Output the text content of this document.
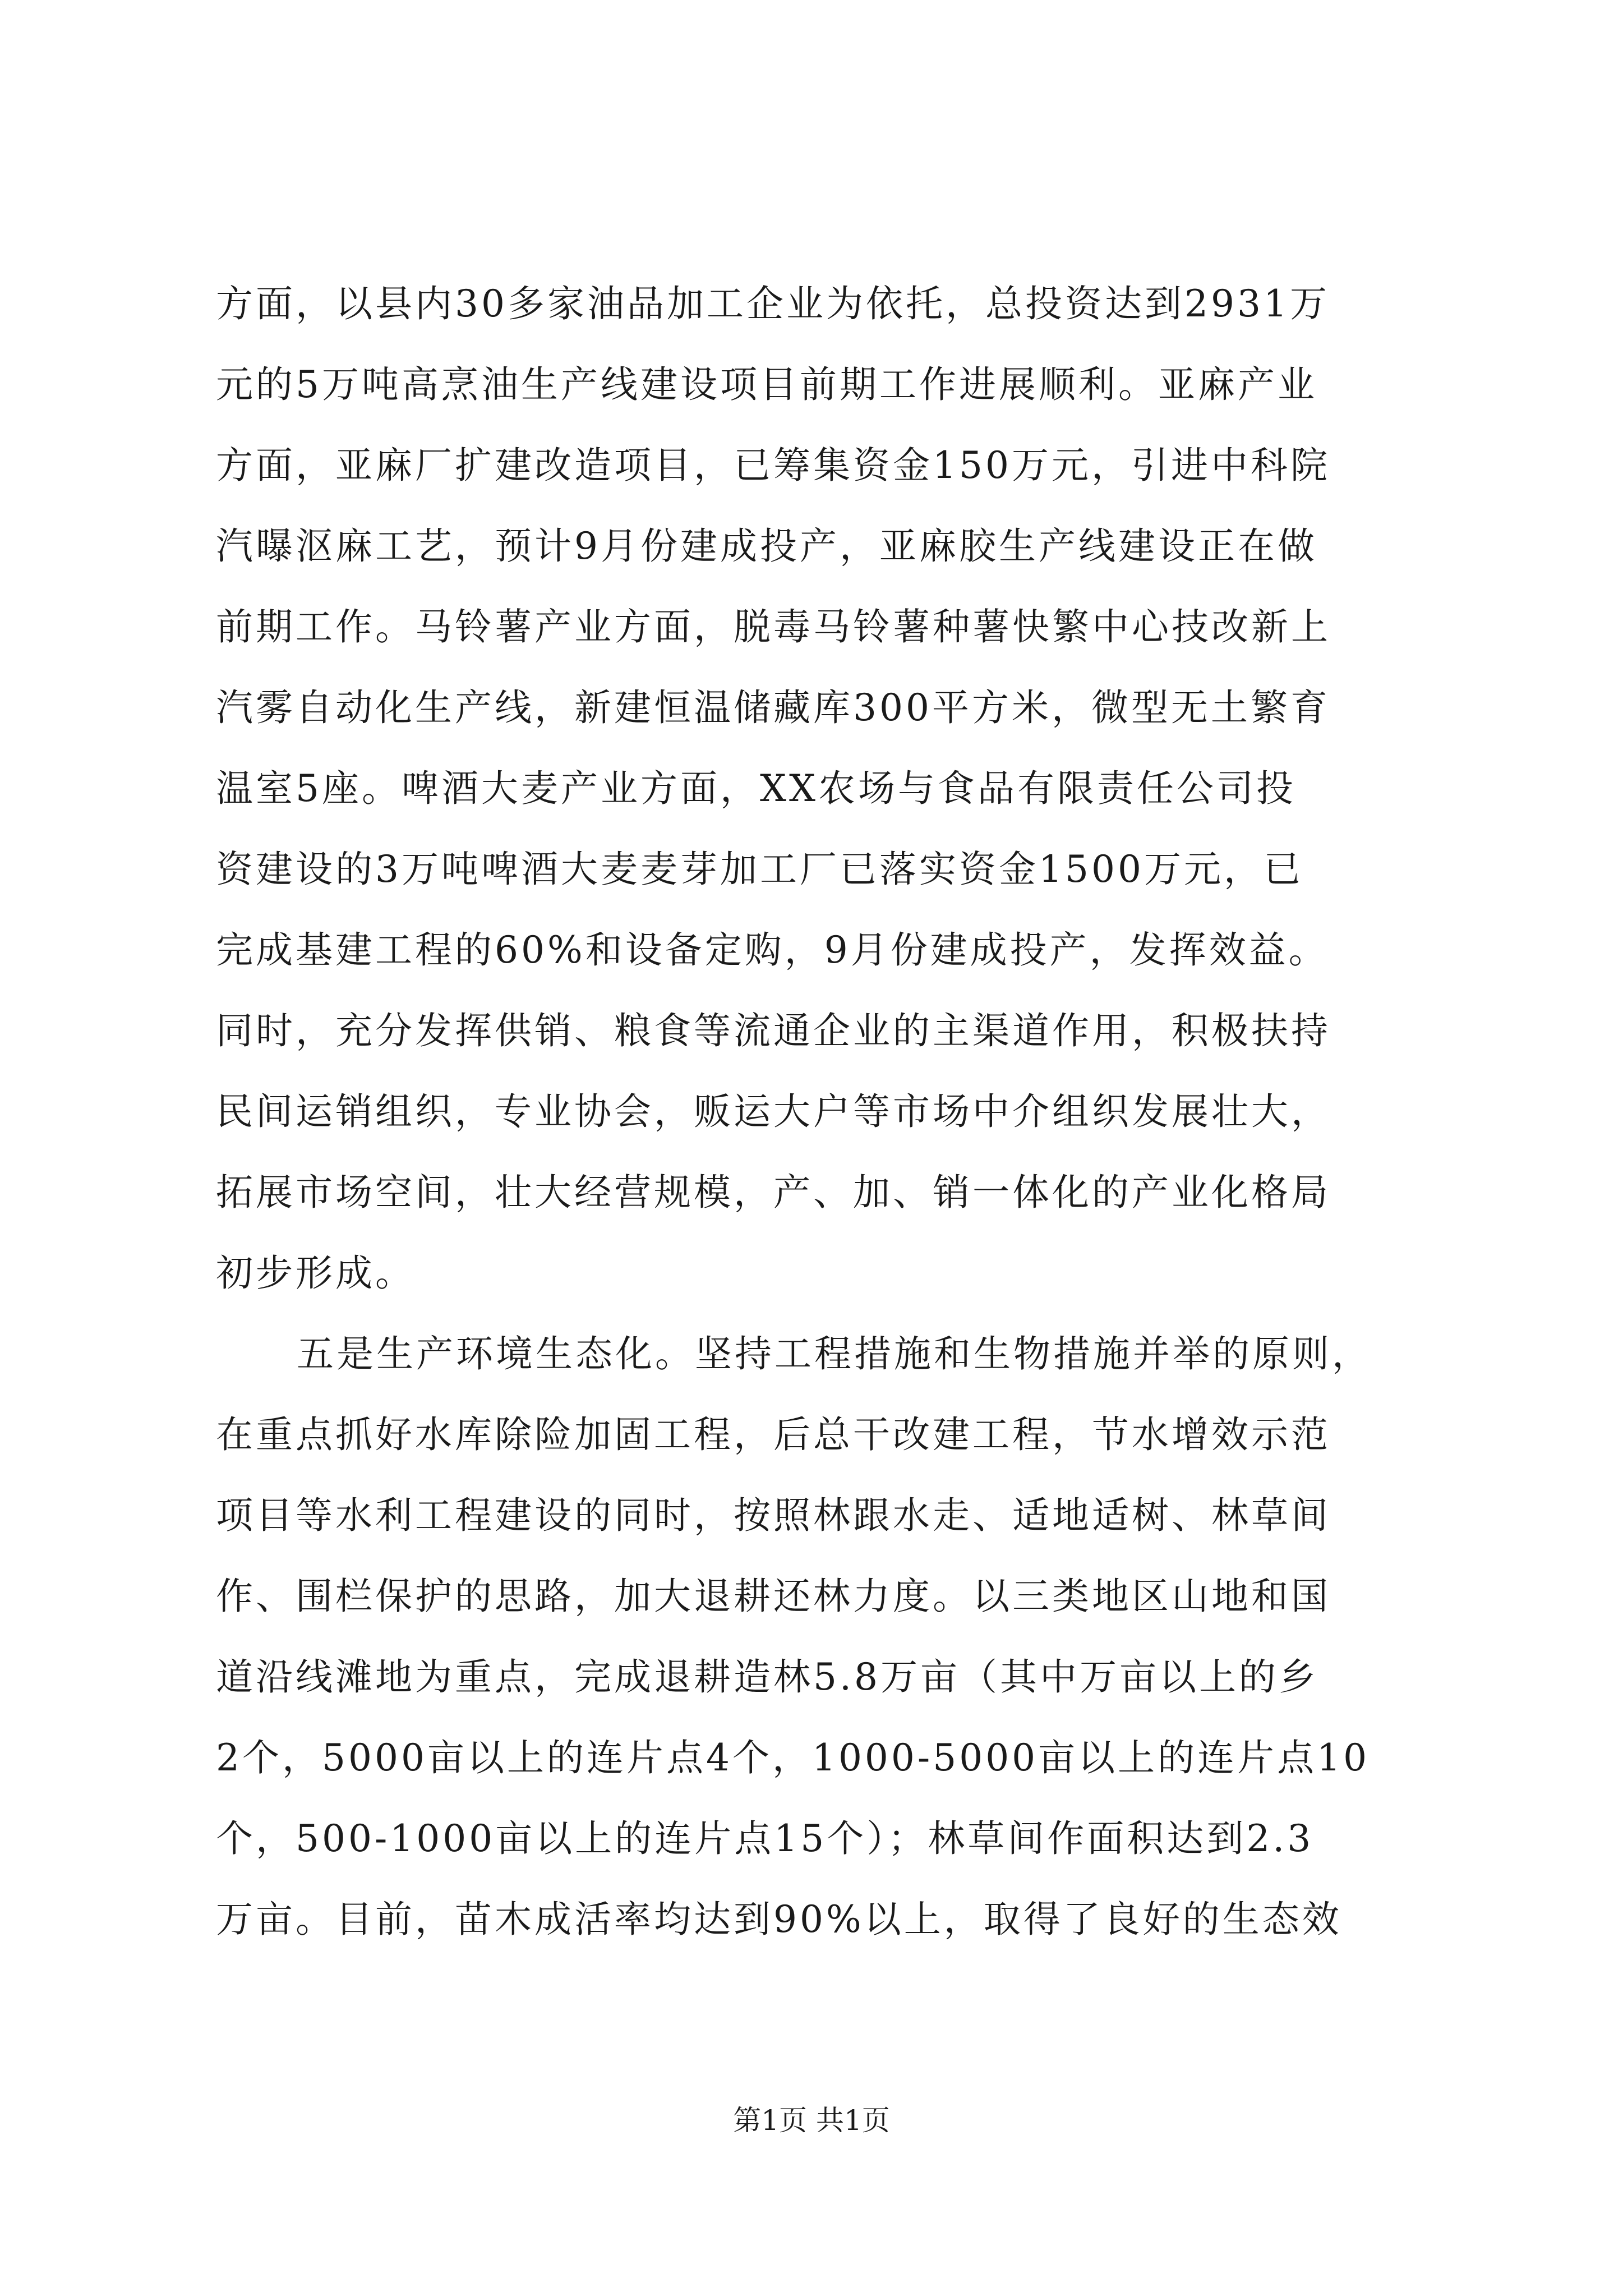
方面，以县内30多家油品加工企业为依托，总投资达到2931万
元的5万吨高烹油生产线建设项目前期工作进展顺利。亚麻产业
方面，亚麻厂扩建改造项目，已筹集资金150万元，引进中科院
汽曝沤麻工艺，预计9月份建成投产，亚麻胶生产线建设正在做
前期工作。马铃薯产业方面，脱毒马铃薯种薯快繁中心技改新上
汽雾自动化生产线，新建恒温储藏库300平方米，微型无土繁育
温室5座。啤酒大麦产业方面，XX农场与食品有限责任公司投
资建设的3万吨啤酒大麦麦芽加工厂已落实资金1500万元，已
完成基建工程的60%和设备定购，9月份建成投产，发挥效益。
同时，充分发挥供销、粮食等流通企业的主渠道作用，积极扶持
民间运销组织，专业协会，贩运大户等市场中介组织发展壮大，
拓展市场空间，壮大经营规模，产、加、销一体化的产业化格局
初步形成。
五是生产环境生态化。坚持工程措施和生物措施并举的原则，
在重点抓好水库除险加固工程，后总干改建工程，节水增效示范
项目等水利工程建设的同时，按照林跟水走、适地适树、林草间
作、围栏保护的思路，加大退耕还林力度。以三类地区山地和国
道沿线滩地为重点，完成退耕造林5.8万亩（其中万亩以上的乡
2个，5000亩以上的连片点4个，1000-5000亩以上的连片点10
个，500-1000亩以上的连片点15个）；林草间作面积达到2.3
万亩。目前，苗木成活率均达到90%以上，取得了良好的生态效
第1页 共1页
